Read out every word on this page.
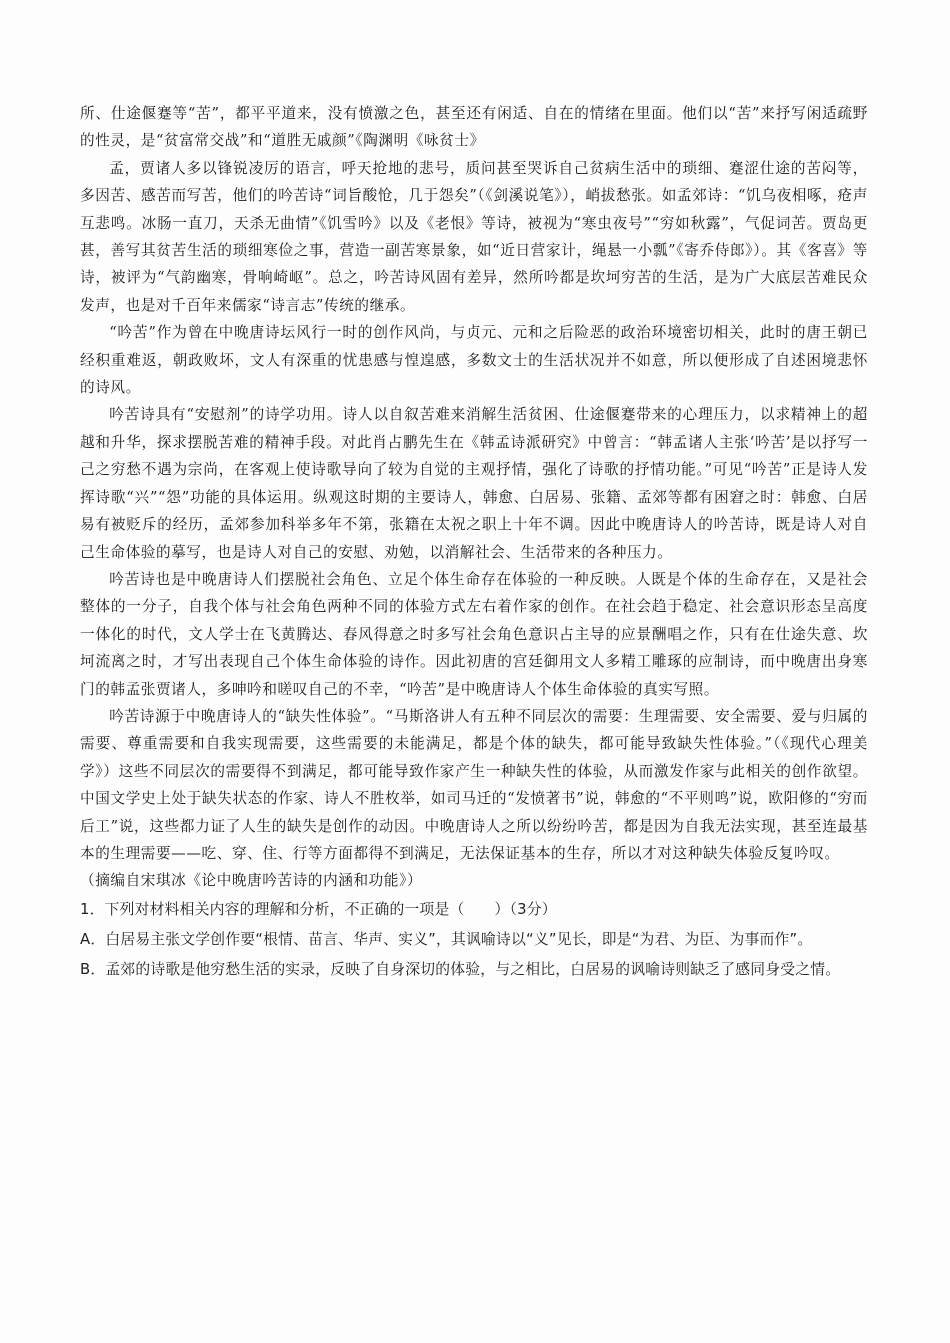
所、仕途偃蹇等“苦”，都平平道来，没有愤激之色，甚至还有闲适、自在的情绪在里面。他们以“苦”来抒写闲适疏野的性灵，是“贫富常交战”和“道胜无戚颜”《陶渊明《咏贫士》

孟，贾诸人多以锋锐凌厉的语言，呼天抢地的悲号，质问甚至哭诉自己贫病生活中的琐细、蹇涩仕途的苦闷等，多因苦、感苦而写苦，他们的吟苦诗“词旨酸怆，几于怨矣”（《剑溪说笔》），峭拔愁张。如孟郊诗：“饥乌夜相啄，疮声互悲鸣。冰肠一直刀，天杀无曲情”《饥雪吟》以及《老恨》等诗，被视为“寒虫夜号”“穷如秋露”，气促词苦。贾岛更甚，善写其贫苦生活的琐细寒俭之事，营造一副苦寒景象，如“近日营家计，绳悬一小瓢”《寄乔侍郎》）。其《客喜》等诗，被评为“气韵幽寒，骨响崎岖”。总之，吟苦诗风固有差异，然所吟都是坎坷穷苦的生活，是为广大底层苦难民众发声，也是对千百年来儒家“诗言志”传统的继承。

“吟苦”作为曾在中晚唐诗坛风行一时的创作风尚，与贞元、元和之后险恶的政治环境密切相关，此时的唐王朝已经积重难返，朝政败坏，文人有深重的忧患感与惶遑感，多数文士的生活状况并不如意，所以便形成了自述困境悲怀的诗风。

吟苦诗具有“安慰剂”的诗学功用。诗人以自叙苦难来消解生活贫困、仕途偃蹇带来的心理压力，以求精神上的超越和升华，探求摆脱苦难的精神手段。对此肖占鹏先生在《韩孟诗派研究》中曾言：“韩孟诸人主张‘吟苦’是以抒写一己之穷愁不遇为宗尚，在客观上使诗歌导向了较为自觉的主观抒情，强化了诗歌的抒情功能。”可见“吟苦”正是诗人发挥诗歌“兴”“怨”功能的具体运用。纵观这时期的主要诗人，韩愈、白居易、张籍、孟郊等都有困窘之时：韩愈、白居易有被贬斥的经历，孟郊参加科举多年不第，张籍在太祝之职上十年不调。因此中晚唐诗人的吟苦诗，既是诗人对自己生命体验的摹写，也是诗人对自己的安慰、劝勉，以消解社会、生活带来的各种压力。

吟苦诗也是中晚唐诗人们摆脱社会角色、立足个体生命存在体验的一种反映。人既是个体的生命存在，又是社会整体的一分子，自我个体与社会角色两种不同的体验方式左右着作家的创作。在社会趋于稳定、社会意识形态呈高度一体化的时代，文人学士在飞黄腾达、春风得意之时多写社会角色意识占主导的应景酬唱之作，只有在仕途失意、坎坷流离之时，才写出表现自己个体生命体验的诗作。因此初唐的宫廷御用文人多精工雕琢的应制诗，而中晚唐出身寒门的韩孟张贾诸人，多呻吟和嗟叹自己的不幸，“吟苦”是中晚唐诗人个体生命体验的真实写照。

吟苦诗源于中晚唐诗人的“缺失性体验”。“马斯洛讲人有五种不同层次的需要：生理需要、安全需要、爱与归属的需要、尊重需要和自我实现需要，这些需要的未能满足，都是个体的缺失，都可能导致缺失性体验。”（《现代心理美学》）这些不同层次的需要得不到满足，都可能导致作家产生一种缺失性的体验，从而激发作家与此相关的创作欲望。中国文学史上处于缺失状态的作家、诗人不胜枚举，如司马迁的“发愤著书”说，韩愈的“不平则鸣”说，欧阳修的“穷而后工”说，这些都力证了人生的缺失是创作的动因。中晚唐诗人之所以纷纷吟苦，都是因为自我无法实现，甚至连最基本的生理需要——吃、穿、住、行等方面都得不到满足，无法保证基本的生存，所以才对这种缺失体验反复吟叹。

（摘编自宋琪冰《论中晚唐吟苦诗的内涵和功能》）

1．下列对材料相关内容的理解和分析，不正确的一项是（　　）（3分）

A．白居易主张文学创作要“根情、苗言、华声、实义”，其讽喻诗以“义”见长，即是“为君、为臣、为事而作”。

B．孟郊的诗歌是他穷愁生活的实录，反映了自身深切的体验，与之相比，白居易的讽喻诗则缺乏了感同身受之情。
